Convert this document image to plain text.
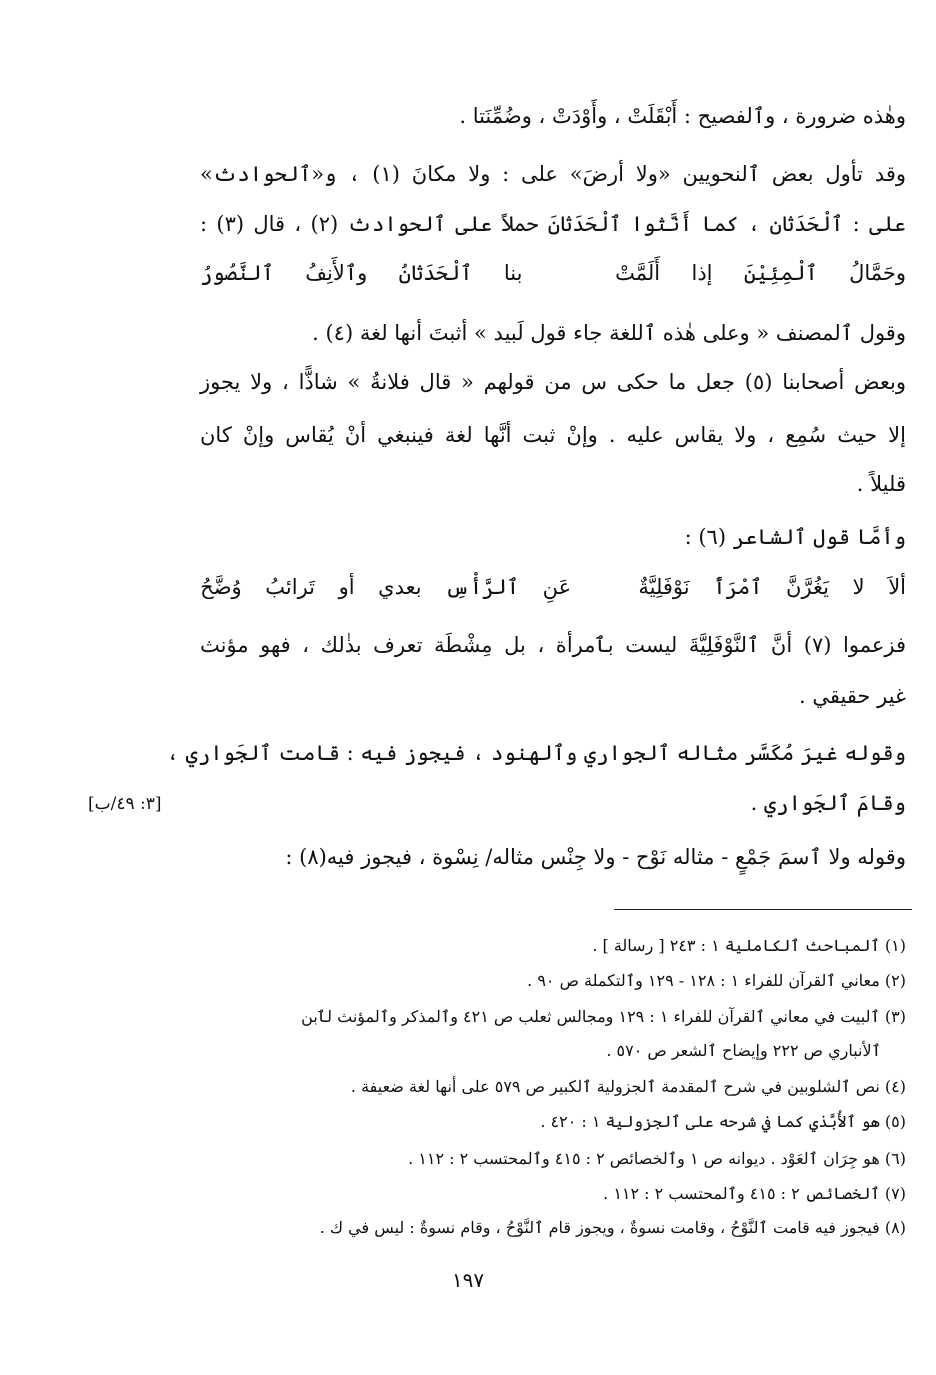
وهٰذه ضرورة ، وٱلفصيح : أَبْقَلَتْ ، وأَوْدَتْ ، وضُمِّنَتا .
وقد تأول بعض ٱلنحويين «ولا أرضَ» على : ولا مكانَ (١) ، و«ٱلحوادث»
على : ٱلْحَدَثان ، كما أَنَّثوا ٱلْحَدَثانَ حملاً على ٱلحوادث (٢) ، قال (٣) :
وحَمَّالُ
ٱلْمِئِيْنَ
إذا
أَلَمَّتْ
بنا
ٱلْحَدَثانُ
وٱلأَنِفُ
ٱلنَّصُورُ
وقول ٱلمصنف « وعلى هٰذه ٱللغة جاء قول لَبيد » أثبتَ أنها لغة (٤) .
وبعض أصحابنا (٥) جعل ما حكى س من قولهم « قال فلانةُ » شاذًّا ، ولا يجوز
إلا حيث سُمِع ، ولا يقاس عليه . وإنْ ثبت أنَّها لغة فينبغي أنْ يُقاس وإنْ كان
قليلاً .
وأمَّا قول ٱلشاعر (٦) :
ألاَ
لا
يَغُرَّنَّ
ٱمْرَأً
نَوْفَلِيَّةٌ
عَنِ
ٱلرَّأْسِ
بعدي
أو
تَرائبُ
وُضَّحُ
فزعموا (٧) أنَّ ٱلنَّوْفَلِيَّةَ ليست بٱمرأة ، بل مِشْطَة تعرف بذٰلك ، فهو مؤنث
غير حقيقي .
وقوله غيرَ مُكَسَّر مثاله ٱلجواري وٱلهنود ، فيجوز فيه : قامت ٱلجَواري ،
وقامَ ٱلجَواري .
[٣: ٤٩/ب]
وقوله ولا ٱسمَ جَمْعٍ - مثاله نَوْح - ولا جِنْس مثاله/ نِسْوة ، فيجوز فيه(٨) :
(١) ٱلمباحث ٱلكاملية ١ : ٢٤٣ [ رسالة ] .
(٢) معاني ٱلقرآن للفراء ١ : ١٢٨ - ١٢٩ وٱلتكملة ص ٩٠ .
(٣) ٱلبيت في معاني ٱلقرآن للفراء ١ : ١٢٩ ومجالس ثعلب ص ٤٢١ وٱلمذكر وٱلمؤنث لٱبن
ٱلأنباري ص ٢٢٢ وإيضاح ٱلشعر ص ٥٧٠ .
(٤) نص ٱلشلوبين في شرح ٱلمقدمة ٱلجزولية ٱلكبير ص ٥٧٩ على أنها لغة ضعيفة .
(٥) هو ٱلأُبَّذي كما في شرحه على ٱلجزولية ١ : ٤٢٠ .
(٦) هو جِرَان ٱلعَوْد . ديوانه ص ١ وٱلخصائص ٢ : ٤١٥ وٱلمحتسب ٢ : ١١٢ .
(٧) ٱلخصائص ٢ : ٤١٥ وٱلمحتسب ٢ : ١١٢ .
(٨) فيجوز فيه قامت ٱلنَّوْحُ ، وقامت نسوةٌ ، ويجوز قام ٱلنَّوْحُ ، وقام نسوةٌ : ليس في ك .
١٩٧
